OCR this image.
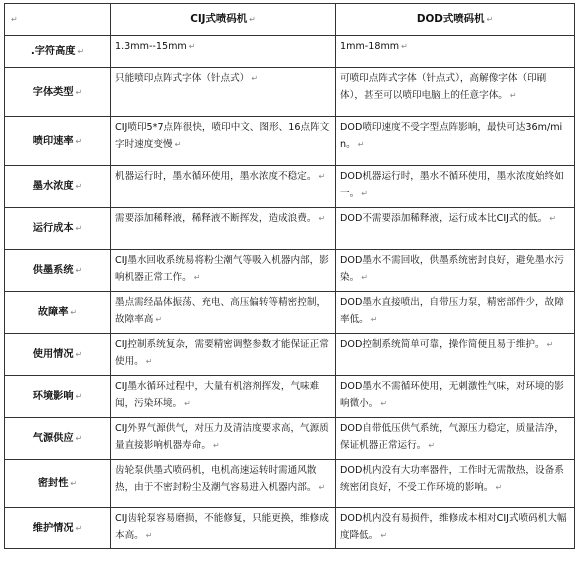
↵	CIJ式喷码机 ↵	DOD式喷码机 ↵
.字符高度 ↵	1.3mm--15mm ↵	1mm-18mm ↵
字体类型 ↵	只能喷印点阵式字体（针点式） ↵	可喷印点阵式字体（针点式），高解像字体（印刷体），甚至可以喷印电脑上的任意字体。 ↵
喷印速率 ↵	CIJ喷印5*7点阵很快，喷印中文、图形、16点阵文字时速度变慢 ↵	DOD喷印速度不受字型点阵影响，最快可达36m/min。 ↵
墨水浓度 ↵	机器运行时，墨水循环使用，墨水浓度不稳定。 ↵	DOD机器运行时，墨水不循环使用，墨水浓度始终如一。 ↵
运行成本 ↵	需要添加稀释液，稀释液不断挥发，造成浪费。 ↵	DOD不需要添加稀释液，运行成本比CIJ式的低。 ↵
供墨系统 ↵	CIJ墨水回收系统易将粉尘潮气等吸入机器内部，影响机器正常工作。 ↵	DOD墨水不需回收，供墨系统密封良好，避免墨水污染。 ↵
故障率 ↵	墨点需经晶体振荡、充电、高压偏转等精密控制，故障率高 ↵	DOD墨水直接喷出，自带压力泵，精密部件少，故障率低。 ↵
使用情况 ↵	CIJ控制系统复杂，需要精密调整参数才能保证正常使用。 ↵	DOD控制系统简单可靠，操作简便且易于维护。 ↵
环境影响 ↵	CIJ墨水循环过程中，大量有机溶剂挥发，气味难闻，污染环境。 ↵	DOD墨水不需循环使用，无刺激性气味，对环境的影响微小。 ↵
气源供应 ↵	CIJ外界气源供气，对压力及清洁度要求高，气源质量直接影响机器寿命。 ↵	DOD自带低压供气系统，气源压力稳定，质量洁净，保证机器正常运行。 ↵
密封性 ↵	齿轮泵供墨式喷码机，电机高速运转时需通风散热，由于不密封粉尘及潮气容易进入机器内部。 ↵	DOD机内没有大功率器件，工作时无需散热，设备系统密闭良好，不受工作环境的影响。 ↵
维护情况 ↵	CIJ齿轮泵容易磨损，不能修复，只能更换，维修成本高。 ↵	DOD机内没有易损件，维修成本相对CIJ式喷码机大幅度降低。 ↵
